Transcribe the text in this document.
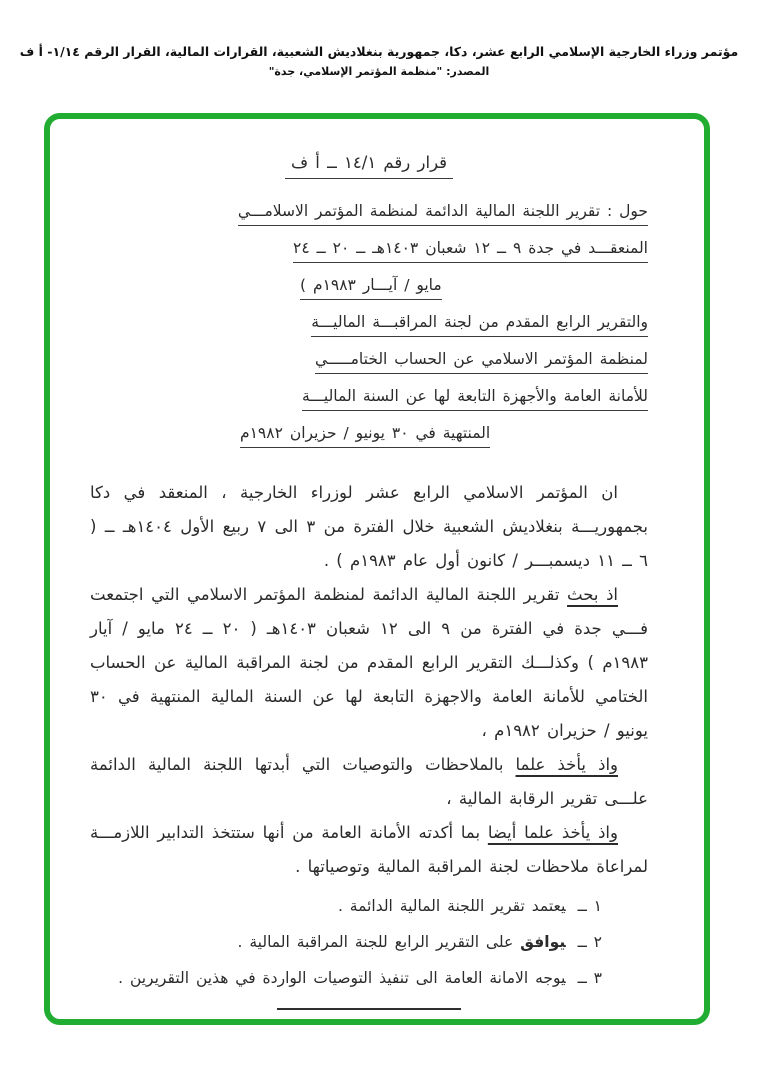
مؤتمر وزراء الخارجية الإسلامي الرابع عشر، دكا، جمهورية بنغلاديش الشعبية، القرارات المالية، القرار الرقم ١/١٤- أ ف
المصدر: "منظمة المؤتمر الإسلامي، جدة"
قرار رقم ١٤/١ ــ أ ف
حول : تقرير اللجنة المالية الدائمة لمنظمة المؤتمر الاسلامـــي
المنعقـــد في جدة ٩ ــ ١٢ شعبان ١٤٠٣هـ ــ ٢٠ ــ ٢٤
مايو / آيـــار ١٩٨٣م )
والتقرير الرابع المقدم من لجنة المراقبـــة الماليـــة
لمنظمة المؤتمر الاسلامي عن الحساب الختامـــــي
للأمانة العامة والأجهزة التابعة لها عن السنة الماليـــة
المنتهية في ٣٠ يونيو / حزيران ١٩٨٢م

ان المؤتمر الاسلامي الرابع عشر لوزراء الخارجية ، المنعقد في دكا بجمهوريـــة بنغلاديش الشعبية خلال الفترة من ٣ الى ٧ ربيع الأول ١٤٠٤هـ ــ ( ٦ ــ ١١ ديسمبـــر / كانون أول عام ١٩٨٣م ) .

اذ بحث تقرير اللجنة المالية الدائمة لمنظمة المؤتمر الاسلامي التي اجتمعت فـــي جدة في الفترة من ٩ الى ١٢ شعبان ١٤٠٣هـ ( ٢٠ ــ ٢٤ مايو / آيار ١٩٨٣م ) وكذلـــك التقرير الرابع المقدم من لجنة المراقبة المالية عن الحساب الختامي للأمانة العامة والاجهزة التابعة لها عن السنة المالية المنتهية في ٣٠ يونيو / حزيران ١٩٨٢م ،

واذ يأخذ علما بالملاحظات والتوصيات التي أبدتها اللجنة المالية الدائمة علـــى تقرير الرقابة المالية ،

واذ يأخذ علما أيضا بما أكدته الأمانة العامة من أنها ستتخذ التدابير اللازمـــة لمراعاة ملاحظات لجنة المراقبة المالية وتوصياتها .

١ ــيعتمد تقرير اللجنة المالية الدائمة .
٢ ــيوافق على التقرير الرابع للجنة المراقبة المالية .
٣ ــيوجه الامانة العامة الى تنفيذ التوصيات الواردة في هذين التقريرين .
